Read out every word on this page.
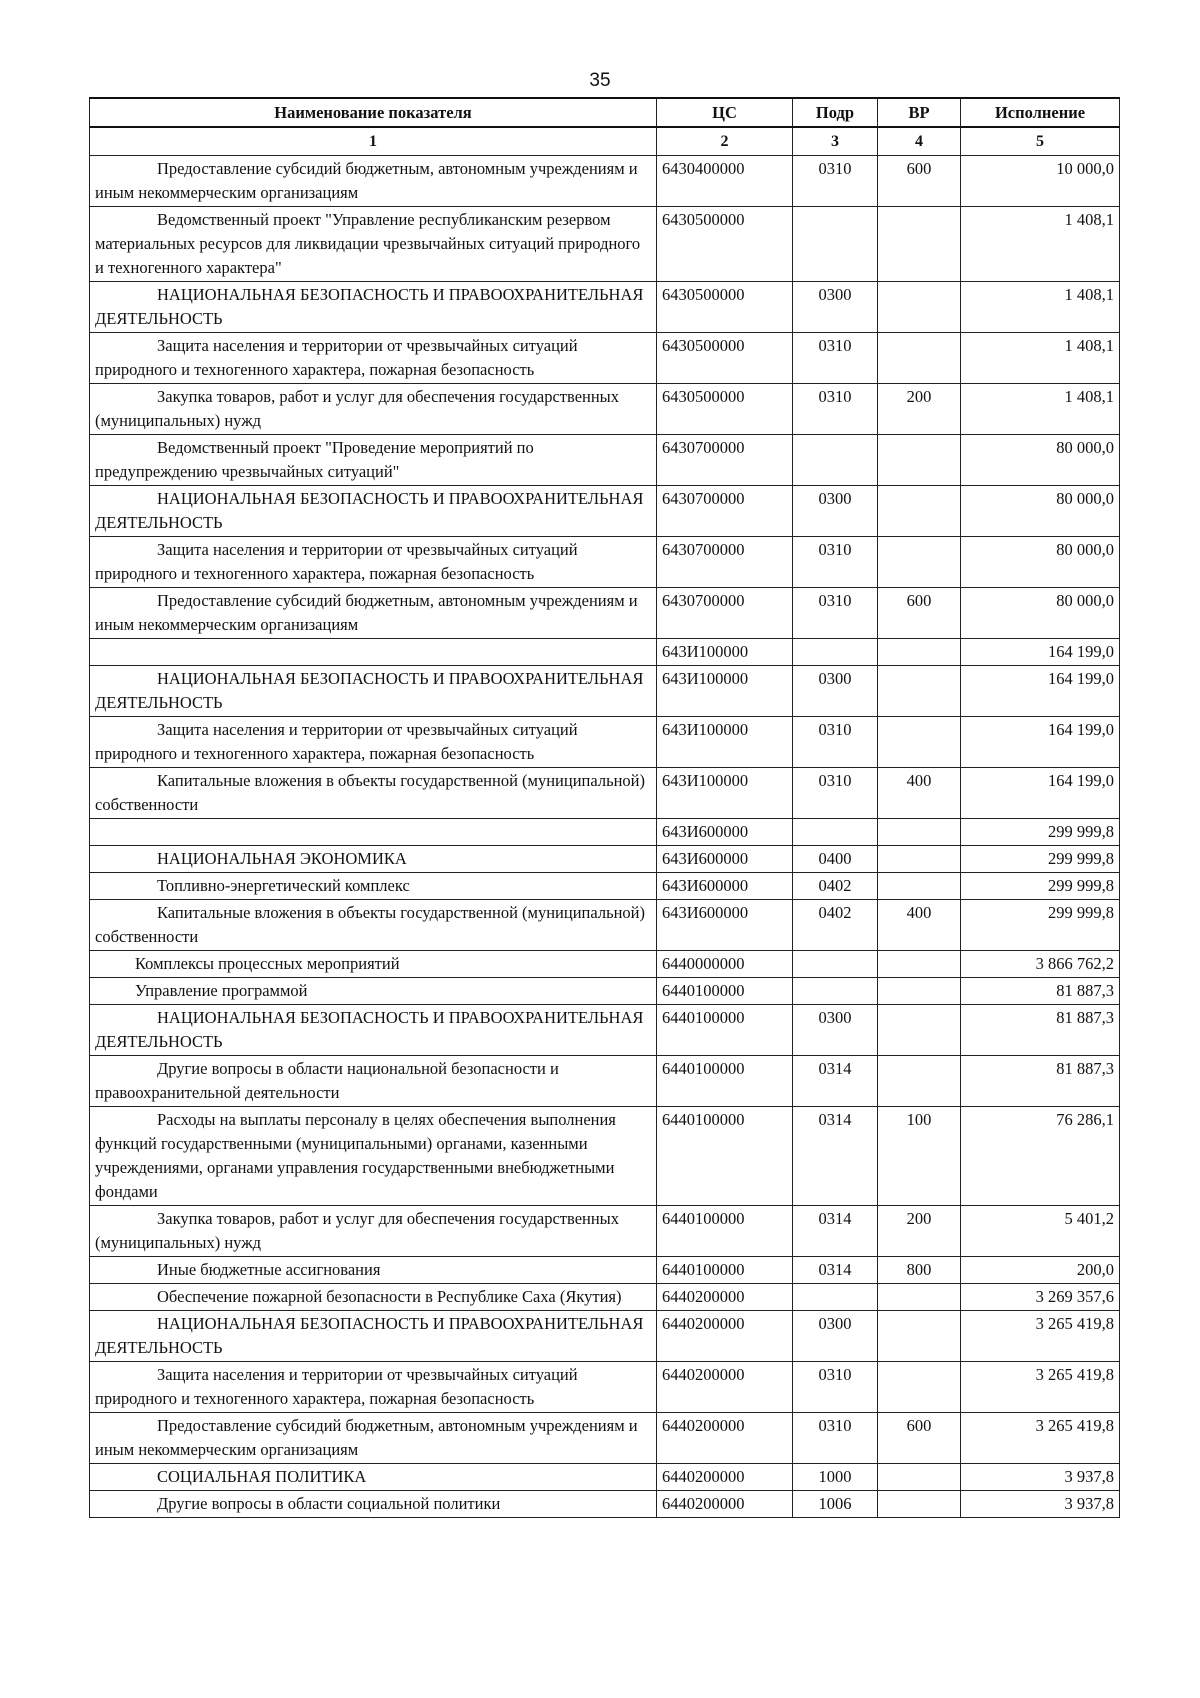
35
Наименование показателя	ЦС	Подр	ВР	Исполнение
1	2	3	4	5
Предоставление субсидий бюджетным, автономным учреждениям и иным некоммерческим организациям	6430400000	0310	600	10 000,0
Ведомственный проект "Управление республиканским резервом материальных ресурсов для ликвидации чрезвычайных ситуаций природного и техногенного характера"	6430500000			1 408,1
НАЦИОНАЛЬНАЯ БЕЗОПАСНОСТЬ И ПРАВООХРАНИТЕЛЬНАЯ ДЕЯТЕЛЬНОСТЬ	6430500000	0300		1 408,1
Защита населения и территории от чрезвычайных ситуаций природного и техногенного характера, пожарная безопасность	6430500000	0310		1 408,1
Закупка товаров, работ и услуг для обеспечения государственных (муниципальных) нужд	6430500000	0310	200	1 408,1
Ведомственный проект "Проведение мероприятий по предупреждению чрезвычайных ситуаций"	6430700000			80 000,0
НАЦИОНАЛЬНАЯ БЕЗОПАСНОСТЬ И ПРАВООХРАНИТЕЛЬНАЯ ДЕЯТЕЛЬНОСТЬ	6430700000	0300		80 000,0
Защита населения и территории от чрезвычайных ситуаций природного и техногенного характера, пожарная безопасность	6430700000	0310		80 000,0
Предоставление субсидий бюджетным, автономным учреждениям и иным некоммерческим организациям	6430700000	0310	600	80 000,0
	643И100000			164 199,0
НАЦИОНАЛЬНАЯ БЕЗОПАСНОСТЬ И ПРАВООХРАНИТЕЛЬНАЯ ДЕЯТЕЛЬНОСТЬ	643И100000	0300		164 199,0
Защита населения и территории от чрезвычайных ситуаций природного и техногенного характера, пожарная безопасность	643И100000	0310		164 199,0
Капитальные вложения в объекты государственной (муниципальной) собственности	643И100000	0310	400	164 199,0
	643И600000			299 999,8
НАЦИОНАЛЬНАЯ ЭКОНОМИКА	643И600000	0400		299 999,8
Топливно-энергетический комплекс	643И600000	0402		299 999,8
Капитальные вложения в объекты государственной (муниципальной) собственности	643И600000	0402	400	299 999,8
Комплексы процессных мероприятий	6440000000			3 866 762,2
Управление программой	6440100000			81 887,3
НАЦИОНАЛЬНАЯ БЕЗОПАСНОСТЬ И ПРАВООХРАНИТЕЛЬНАЯ ДЕЯТЕЛЬНОСТЬ	6440100000	0300		81 887,3
Другие вопросы в области национальной безопасности и правоохранительной деятельности	6440100000	0314		81 887,3
Расходы на выплаты персоналу в целях обеспечения выполнения функций государственными (муниципальными) органами, казенными учреждениями, органами управления государственными внебюджетными фондами	6440100000	0314	100	76 286,1
Закупка товаров, работ и услуг для обеспечения государственных (муниципальных) нужд	6440100000	0314	200	5 401,2
Иные бюджетные ассигнования	6440100000	0314	800	200,0
Обеспечение пожарной безопасности в Республике Саха (Якутия)	6440200000			3 269 357,6
НАЦИОНАЛЬНАЯ БЕЗОПАСНОСТЬ И ПРАВООХРАНИТЕЛЬНАЯ ДЕЯТЕЛЬНОСТЬ	6440200000	0300		3 265 419,8
Защита населения и территории от чрезвычайных ситуаций природного и техногенного характера, пожарная безопасность	6440200000	0310		3 265 419,8
Предоставление субсидий бюджетным, автономным учреждениям и иным некоммерческим организациям	6440200000	0310	600	3 265 419,8
СОЦИАЛЬНАЯ ПОЛИТИКА	6440200000	1000		3 937,8
Другие вопросы в области социальной политики	6440200000	1006		3 937,8
